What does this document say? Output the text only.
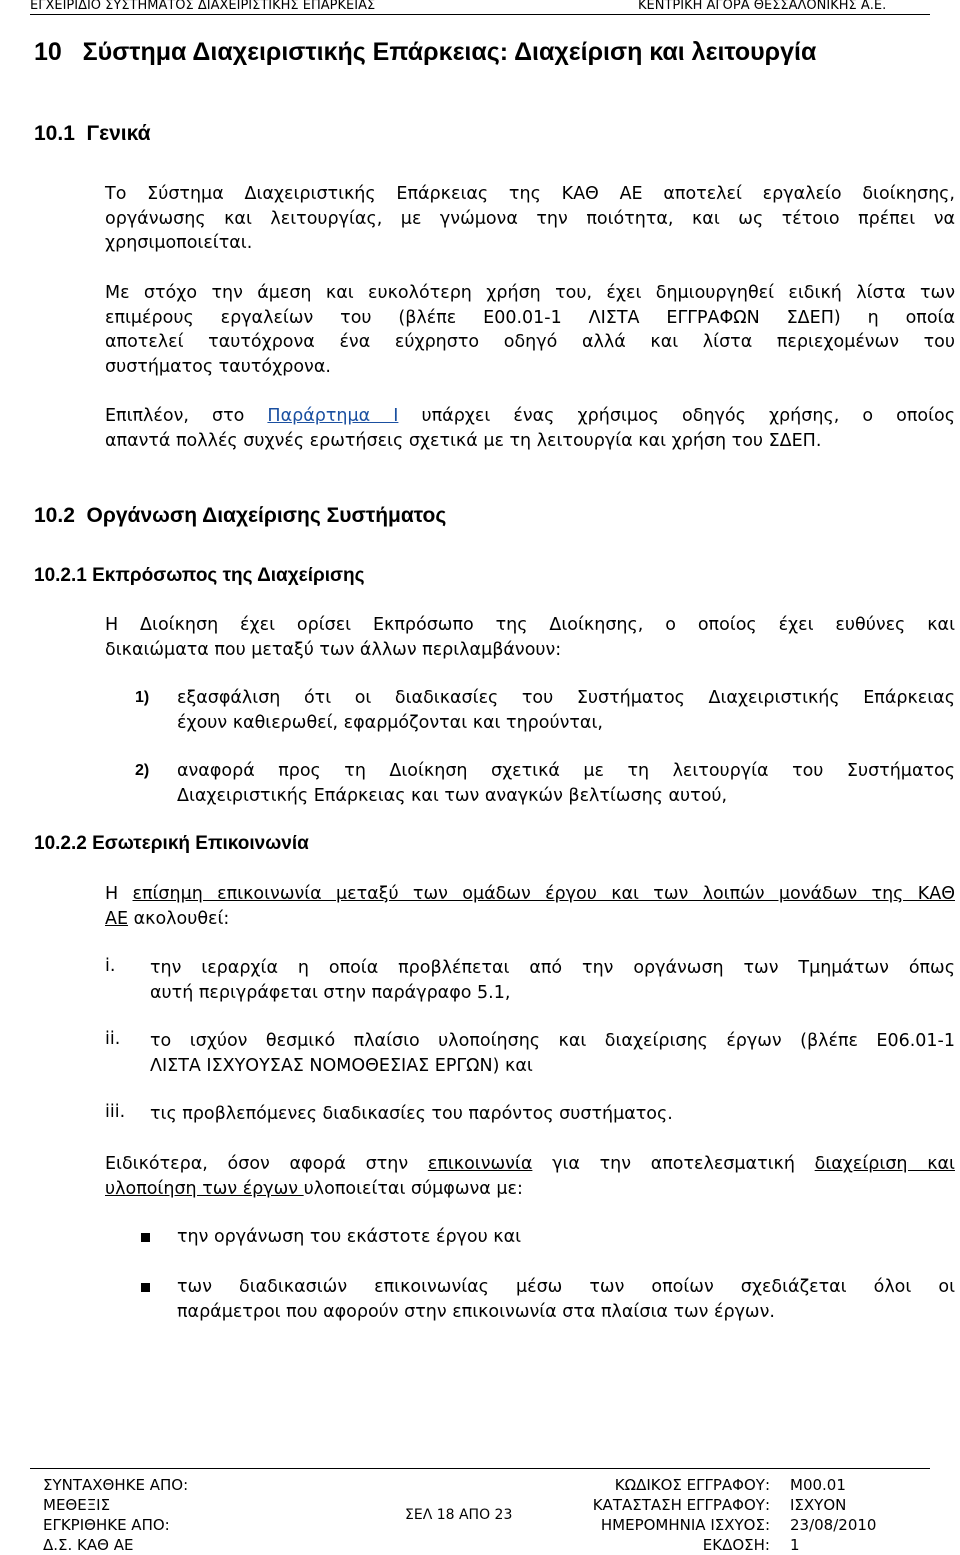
ΕΓΧΕΙΡΙΔΙΟ ΣΥΣΤΗΜΑΤΟΣ ΔΙΑΧΕΙΡΙΣΤΙΚΗΣ ΕΠΑΡΚΕΙΑΣ	ΚΕΝΤΡΙΚΗ ΑΓΟΡΑ ΘΕΣΣΑΛΟΝΙΚΗΣ Α.Ε.
10   Σύστημα Διαχειριστικής Επάρκειας: Διαχείριση και λειτουργία
10.1  Γενικά
Το Σύστημα Διαχειριστικής Επάρκειας της ΚΑΘ ΑΕ αποτελεί εργαλείο διοίκησης,
οργάνωσης και λειτουργίας, με γνώμονα την ποιότητα, και ως τέτοιο πρέπει να
χρησιμοποιείται.
Με στόχο την άμεση και ευκολότερη χρήση του, έχει δημιουργηθεί ειδική λίστα των
επιμέρους εργαλείων του (βλέπε Ε00.01-1 ΛΙΣΤΑ ΕΓΓΡΑΦΩΝ ΣΔΕΠ) η οποία
αποτελεί ταυτόχρονα ένα εύχρηστο οδηγό αλλά και λίστα περιεχομένων του
συστήματος ταυτόχρονα.
Επιπλέον, στο Παράρτημα Ι υπάρχει ένας χρήσιμος οδηγός χρήσης, ο οποίος
απαντά πολλές συχνές ερωτήσεις σχετικά με τη λειτουργία και χρήση του ΣΔΕΠ.
10.2  Οργάνωση Διαχείρισης Συστήματος
10.2.1 Εκπρόσωπος της Διαχείρισης
Η Διοίκηση έχει ορίσει Εκπρόσωπο της Διοίκησης, ο οποίος έχει ευθύνες και
δικαιώματα που μεταξύ των άλλων περιλαμβάνουν:
1) εξασφάλιση ότι οι διαδικασίες του Συστήματος Διαχειριστικής Επάρκειας
έχουν καθιερωθεί, εφαρμόζονται και τηρούνται,
2) αναφορά προς τη Διοίκηση σχετικά με τη λειτουργία του Συστήματος
Διαχειριστικής Επάρκειας και των αναγκών βελτίωσης αυτού,
10.2.2 Εσωτερική Επικοινωνία
Η επίσημη επικοινωνία μεταξύ των ομάδων έργου και των λοιπών μονάδων της ΚΑΘ
ΑΕ ακολουθεί:
i. την ιεραρχία η οποία προβλέπεται από την οργάνωση των Τμημάτων όπως
αυτή περιγράφεται στην παράγραφο 5.1,
ii. το ισχύον θεσμικό πλαίσιο υλοποίησης και διαχείρισης έργων (βλέπε Ε06.01-1
ΛΙΣΤΑ ΙΣΧΥΟΥΣΑΣ ΝΟΜΟΘΕΣΙΑΣ ΕΡΓΩΝ) και
iii. τις προβλεπόμενες διαδικασίες του παρόντος συστήματος.
Ειδικότερα, όσον αφορά στην επικοινωνία για την αποτελεσματική διαχείριση και
υλοποίηση των έργων υλοποιείται σύμφωνα με:
την οργάνωση του εκάστοτε έργου και
των διαδικασιών επικοινωνίας μέσω των οποίων σχεδιάζεται όλοι οι
παράμετροι που αφορούν στην επικοινωνία στα πλαίσια των έργων.
ΣΥΝΤΑΧΘΗΚΕ ΑΠΟ:
ΜΕΘΕΞΙΣ
ΕΓΚΡΙΘΗΚΕ ΑΠΟ:
Δ.Σ. ΚΑΘ ΑΕ
ΣΕΛ 18 ΑΠΟ 23
ΚΩΔΙΚΟΣ ΕΓΓΡΑΦΟΥ:
ΚΑΤΑΣΤΑΣΗ ΕΓΓΡΑΦΟΥ:
ΗΜΕΡΟΜΗΝΙΑ ΙΣΧΥΟΣ:
ΕΚΔΟΣΗ:
Μ00.01
ΙΣΧΥΟΝ
23/08/2010
1
